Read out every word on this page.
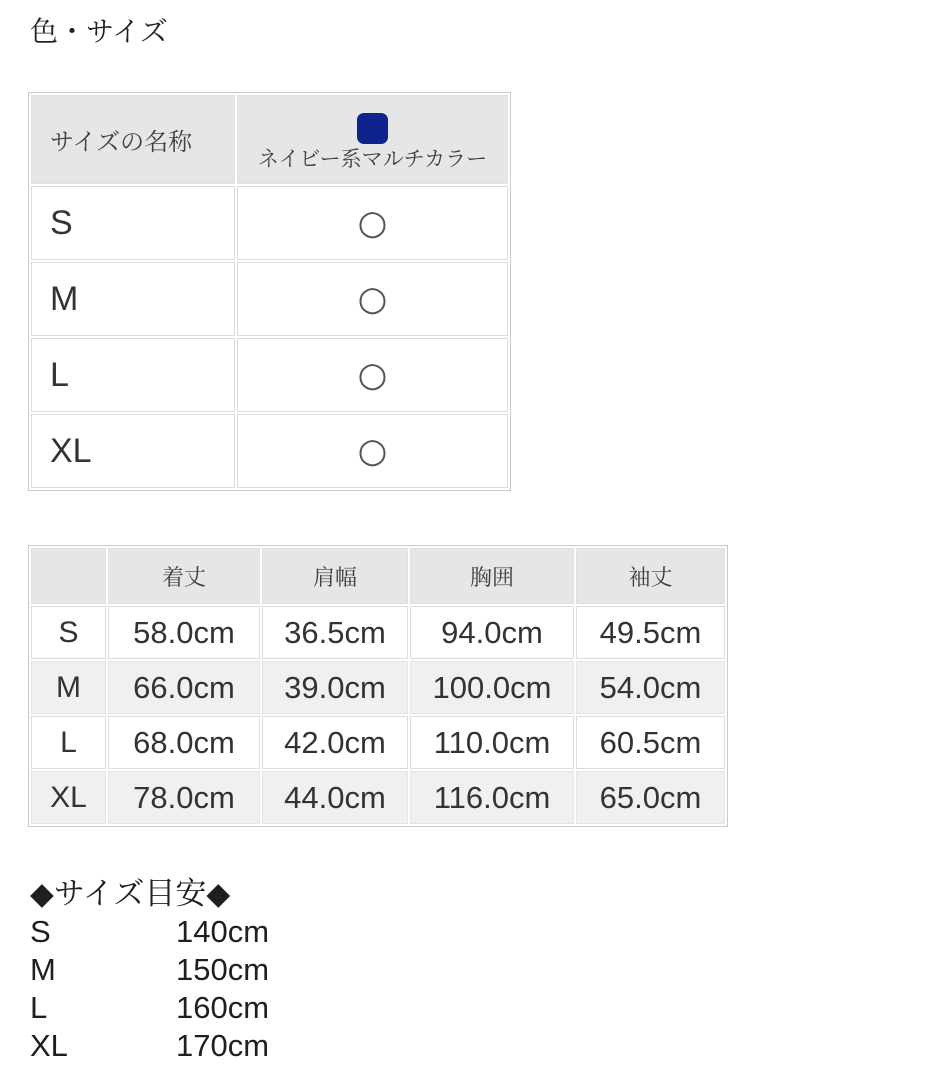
色・サイズ
サイズの名称	ネイビー系マルチカラー
S	○
M	○
L	○
XL	○
	着丈	肩幅	胸囲	袖丈
S	58.0cm	36.5cm	94.0cm	49.5cm
M	66.0cm	39.0cm	100.0cm	54.0cm
L	68.0cm	42.0cm	110.0cm	60.5cm
XL	78.0cm	44.0cm	116.0cm	65.0cm
◆サイズ目安◆
S	140cm
M	150cm
L	160cm
XL	170cm
